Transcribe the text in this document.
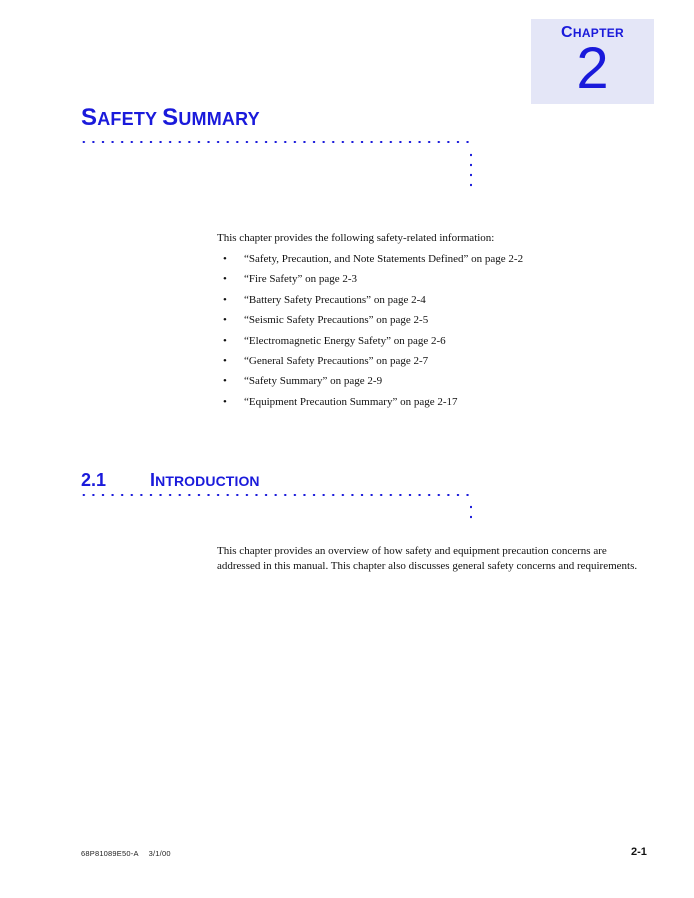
CHAPTER
2
SAFETY SUMMARY

This chapter provides the following safety-related information:

• “Safety, Precaution, and Note Statements Defined” on page 2-2
• “Fire Safety” on page 2-3
• “Battery Safety Precautions” on page 2-4
• “Seismic Safety Precautions” on page 2-5
• “Electromagnetic Energy Safety” on page 2-6
• “General Safety Precautions” on page 2-7
• “Safety Summary” on page 2-9
• “Equipment Precaution Summary” on page 2-17
2.1 INTRODUCTION

This chapter provides an overview of how safety and equipment precaution concerns are addressed in this manual. This chapter also discusses general safety concerns and requirements.

68P81089E50-A 3/1/00	2-1
